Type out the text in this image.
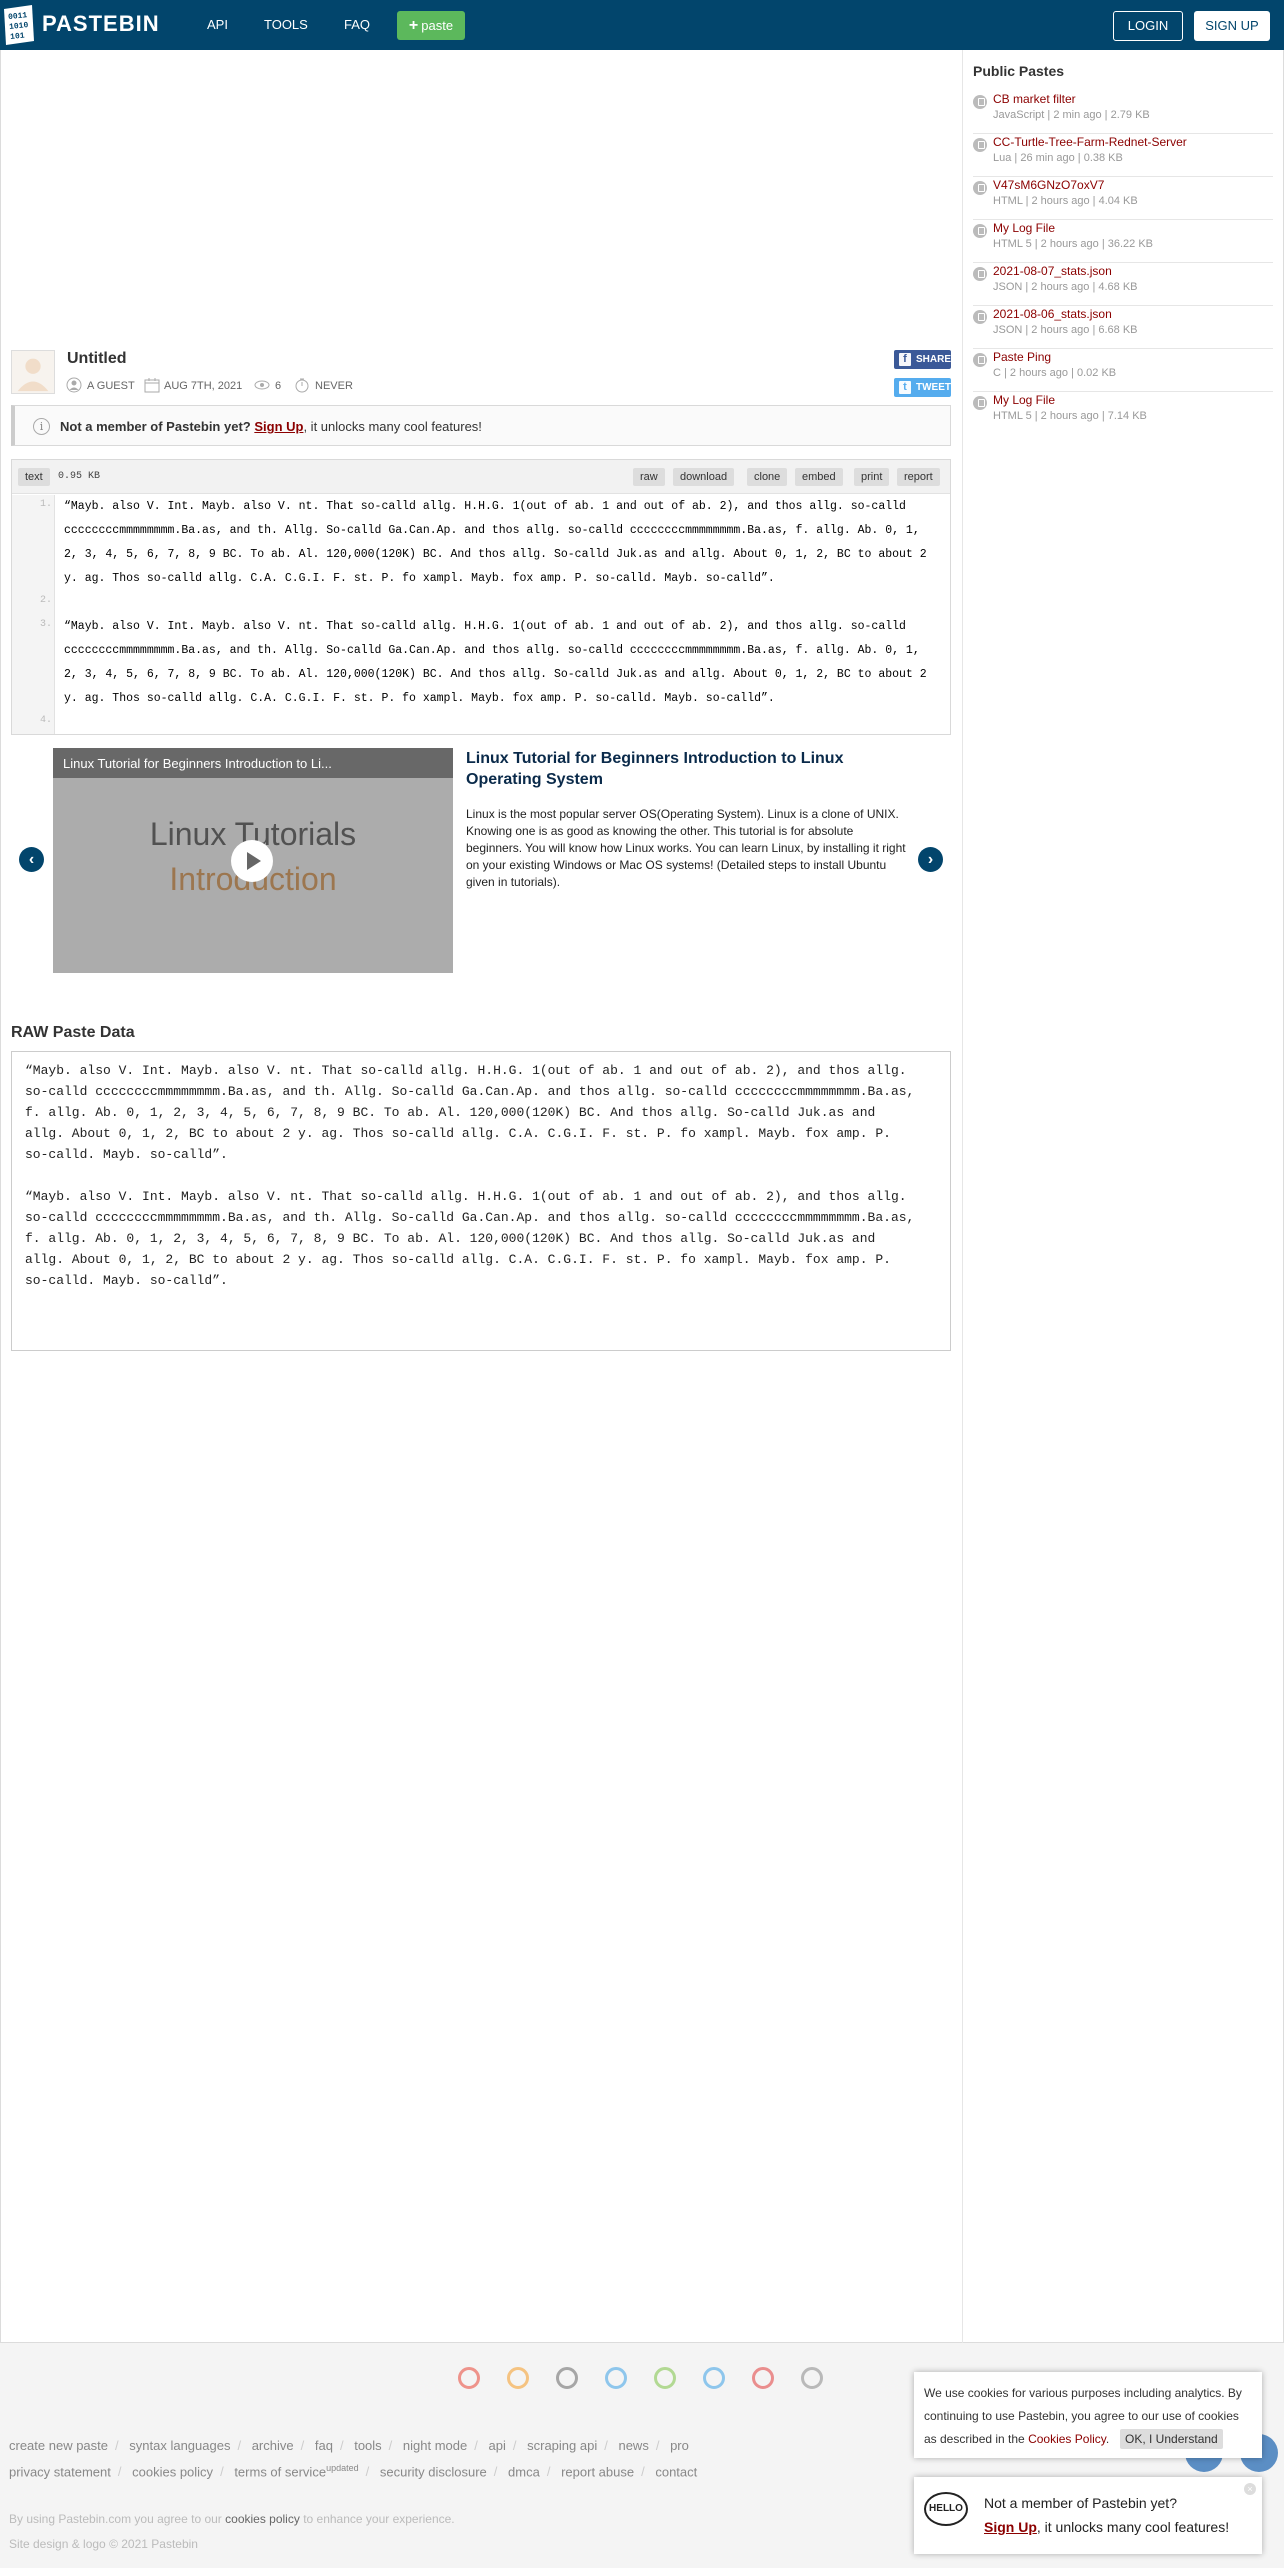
0011
1010
101
PASTEBIN	API	TOOLS	FAQ	+ paste	LOGIN	SIGN UP
Untitled
A GUEST	AUG 7TH, 2021	6	NEVER
f SHARE
t TWEET
i	Not a member of Pastebin yet? Sign Up, it unlocks many cool features!
text	0.95 KB	raw	download	clone	embed	print	report
1.
2.
3.
4.
“Mayb. also V. Int. Mayb. also V. nt. That so-calld allg. H.H.G. 1(out of ab. 1 and out of ab. 2), and thos allg. so-calld
ccccccccmmmmmmmm.Ba.as, and th. Allg. So-calld Ga.Can.Ap. and thos allg. so-calld ccccccccmmmmmmmm.Ba.as, f. allg. Ab. 0, 1,
2, 3, 4, 5, 6, 7, 8, 9 BC. To ab. Al. 120,000(120K) BC. And thos allg. So-calld Juk.as and allg. About 0, 1, 2, BC to about 2
y. ag. Thos so-calld allg. C.A. C.G.I. F. st. P. fo xampl. Mayb. fox amp. P. so-calld. Mayb. so-calld”.
“Mayb. also V. Int. Mayb. also V. nt. That so-calld allg. H.H.G. 1(out of ab. 1 and out of ab. 2), and thos allg. so-calld
ccccccccmmmmmmmm.Ba.as, and th. Allg. So-calld Ga.Can.Ap. and thos allg. so-calld ccccccccmmmmmmmm.Ba.as, f. allg. Ab. 0, 1,
2, 3, 4, 5, 6, 7, 8, 9 BC. To ab. Al. 120,000(120K) BC. And thos allg. So-calld Juk.as and allg. About 0, 1, 2, BC to about 2
y. ag. Thos so-calld allg. C.A. C.G.I. F. st. P. fo xampl. Mayb. fox amp. P. so-calld. Mayb. so-calld”.
‹
Linux Tutorial for Beginners Introduction to Li...	Linux Tutorial for Beginners Introduction to Linux Operating System
Linux is the most popular server OS(Operating System). Linux is a clone of UNIX. Knowing one is as good as knowing the other. This tutorial is for absolute beginners. You will know how Linux works. You can learn Linux, by installing it right on your existing Windows or Mac OS systems! (Detailed steps to install Ubuntu given in tutorials).
›
RAW Paste Data
“Mayb. also V. Int. Mayb. also V. nt. That so-calld allg. H.H.G. 1(out of ab. 1 and out of ab. 2), and thos allg.
so-calld ccccccccmmmmmmmm.Ba.as, and th. Allg. So-calld Ga.Can.Ap. and thos allg. so-calld ccccccccmmmmmmmm.Ba.as,
f. allg. Ab. 0, 1, 2, 3, 4, 5, 6, 7, 8, 9 BC. To ab. Al. 120,000(120K) BC. And thos allg. So-calld Juk.as and
allg. About 0, 1, 2, BC to about 2 y. ag. Thos so-calld allg. C.A. C.G.I. F. st. P. fo xampl. Mayb. fox amp. P.
so-calld. Mayb. so-calld”.
“Mayb. also V. Int. Mayb. also V. nt. That so-calld allg. H.H.G. 1(out of ab. 1 and out of ab. 2), and thos allg.
so-calld ccccccccmmmmmmmm.Ba.as, and th. Allg. So-calld Ga.Can.Ap. and thos allg. so-calld ccccccccmmmmmmmm.Ba.as,
f. allg. Ab. 0, 1, 2, 3, 4, 5, 6, 7, 8, 9 BC. To ab. Al. 120,000(120K) BC. And thos allg. So-calld Juk.as and
allg. About 0, 1, 2, BC to about 2 y. ag. Thos so-calld allg. C.A. C.G.I. F. st. P. fo xampl. Mayb. fox amp. P.
so-calld. Mayb. so-calld”.
Public Pastes
CB market filter
JavaScript | 2 min ago | 2.79 KB
CC-Turtle-Tree-Farm-Rednet-Server
Lua | 26 min ago | 0.38 KB
V47sM6GNzO7oxV7
HTML | 2 hours ago | 4.04 KB
My Log File
HTML 5 | 2 hours ago | 36.22 KB
2021-08-07_stats.json
JSON | 2 hours ago | 4.68 KB
2021-08-06_stats.json
JSON | 2 hours ago | 6.68 KB
Paste Ping
C | 2 hours ago | 0.02 KB
My Log File
HTML 5 | 2 hours ago | 7.14 KB
create new paste / syntax languages / archive / faq / tools / night mode / api / scraping api / news / pro
privacy statement / cookies policy / terms of service$^{updated}$ / security disclosure / dmca / report abuse / contact
By using Pastebin.com you agree to our cookies policy to enhance your experience.
Site design & logo © 2021 Pastebin
We use cookies for various purposes including analytics. By continuing to use Pastebin, you agree to our use of cookies as described in the Cookies Policy.	OK, I Understand
HELLO
×
Not a member of Pastebin yet?
Sign Up, it unlocks many cool features!
